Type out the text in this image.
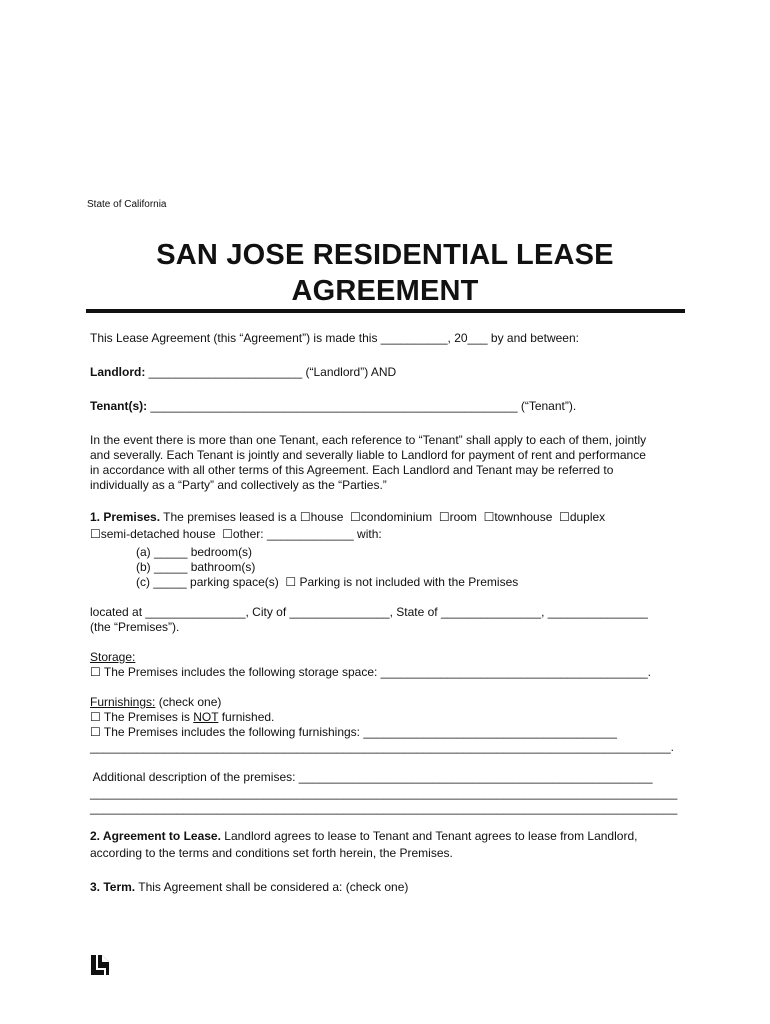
State of California
SAN JOSE RESIDENTIAL LEASE
AGREEMENT
This Lease Agreement (this “Agreement”) is made this __________, 20___ by and between:
Landlord: _______________________ (“Landlord”) AND
Tenant(s): _______________________________________________________ (“Tenant”).
In the event there is more than one Tenant, each reference to “Tenant” shall apply to each of them, jointly
and severally. Each Tenant is jointly and severally liable to Landlord for payment of rent and performance
in accordance with all other terms of this Agreement. Each Landlord and Tenant may be referred to
individually as a “Party” and collectively as the “Parties.”
1. Premises. The premises leased is a ☐house  ☐condominium  ☐room  ☐townhouse  ☐duplex
☐semi-detached house  ☐other: _____________ with:
(a) _____ bedroom(s)
(b) _____ bathroom(s)
(c) _____ parking space(s)  ☐ Parking is not included with the Premises
located at _______________, City of _______________, State of _______________, _______________
(the “Premises”).
Storage:
☐ The Premises includes the following storage space: ________________________________________.
Furnishings: (check one)
☐ The Premises is NOT furnished.
☐ The Premises includes the following furnishings: ______________________________________
_______________________________________________________________________________________.
Additional description of the premises: _____________________________________________________
________________________________________________________________________________________
________________________________________________________________________________________
2. Agreement to Lease. Landlord agrees to lease to Tenant and Tenant agrees to lease from Landlord,
according to the terms and conditions set forth herein, the Premises.
3. Term. This Agreement shall be considered a: (check one)
